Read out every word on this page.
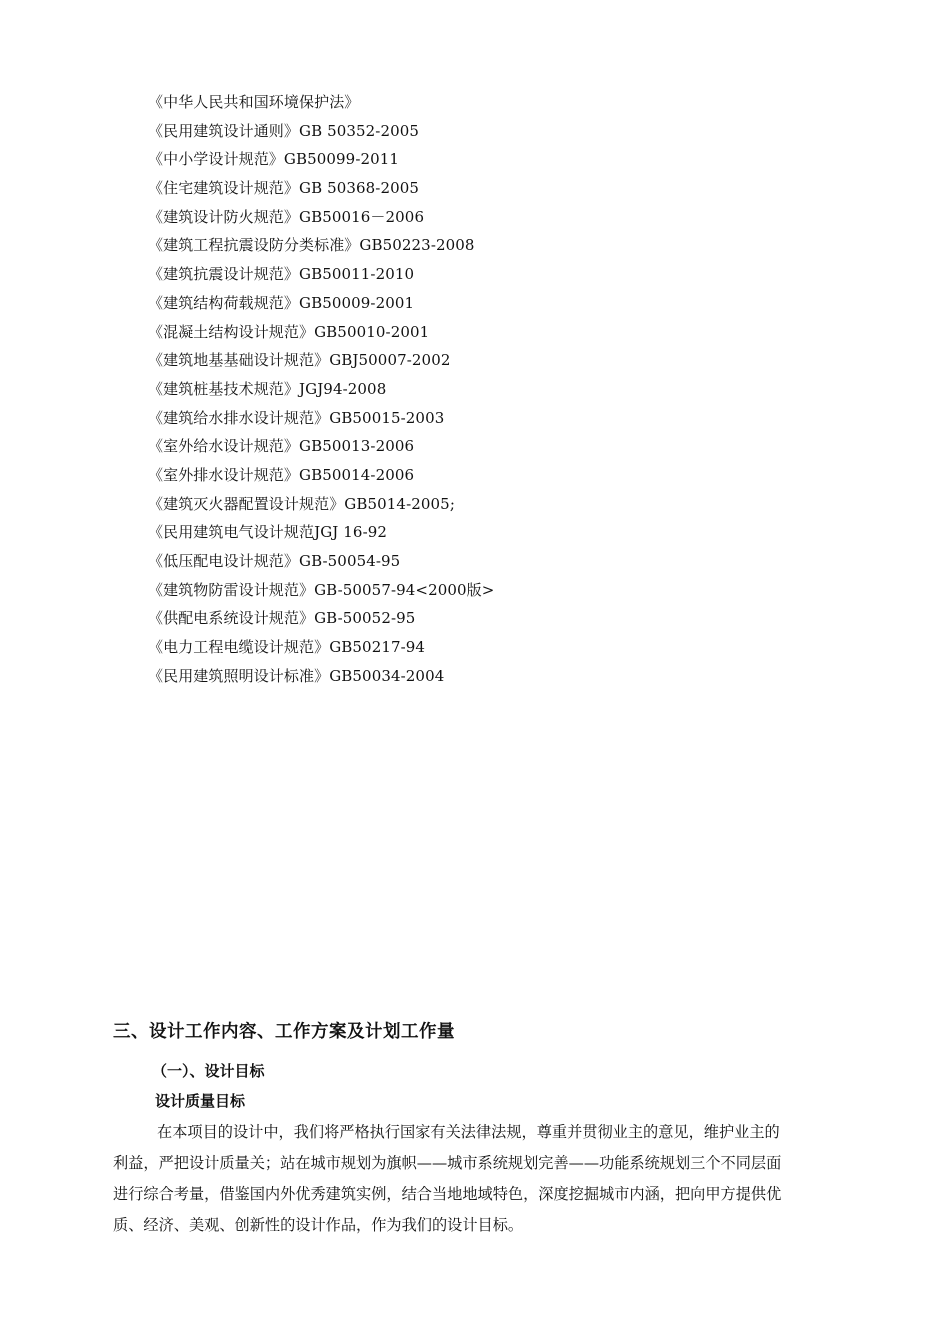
《中华人民共和国环境保护法》
《民用建筑设计通则》GB 50352-2005
《中小学设计规范》GB50099-2011
《住宅建筑设计规范》GB 50368-2005
《建筑设计防火规范》GB50016－2006
《建筑工程抗震设防分类标准》GB50223-2008
《建筑抗震设计规范》GB50011-2010
《建筑结构荷载规范》GB50009-2001
《混凝土结构设计规范》GB50010-2001
《建筑地基基础设计规范》GBJ50007-2002
《建筑桩基技术规范》JGJ94-2008
《建筑给水排水设计规范》GB50015-2003
《室外给水设计规范》GB50013-2006
《室外排水设计规范》GB50014-2006
《建筑灭火器配置设计规范》GB5014-2005;
《民用建筑电气设计规范JGJ 16-92
《低压配电设计规范》GB-50054-95
《建筑物防雷设计规范》GB-50057-94<2000版>
《供配电系统设计规范》GB-50052-95
《电力工程电缆设计规范》GB50217-94
《民用建筑照明设计标准》GB50034-2004
三、设计工作内容、工作方案及计划工作量
（一）、设计目标
设计质量目标
在本项目的设计中，我们将严格执行国家有关法律法规，尊重并贯彻业主的意见，维护业主的
利益，严把设计质量关；站在城市规划为旗帜——城市系统规划完善——功能系统规划三个不同层面
进行综合考量，借鉴国内外优秀建筑实例，结合当地地域特色，深度挖掘城市内涵，把向甲方提供优
质、经济、美观、创新性的设计作品，作为我们的设计目标。
